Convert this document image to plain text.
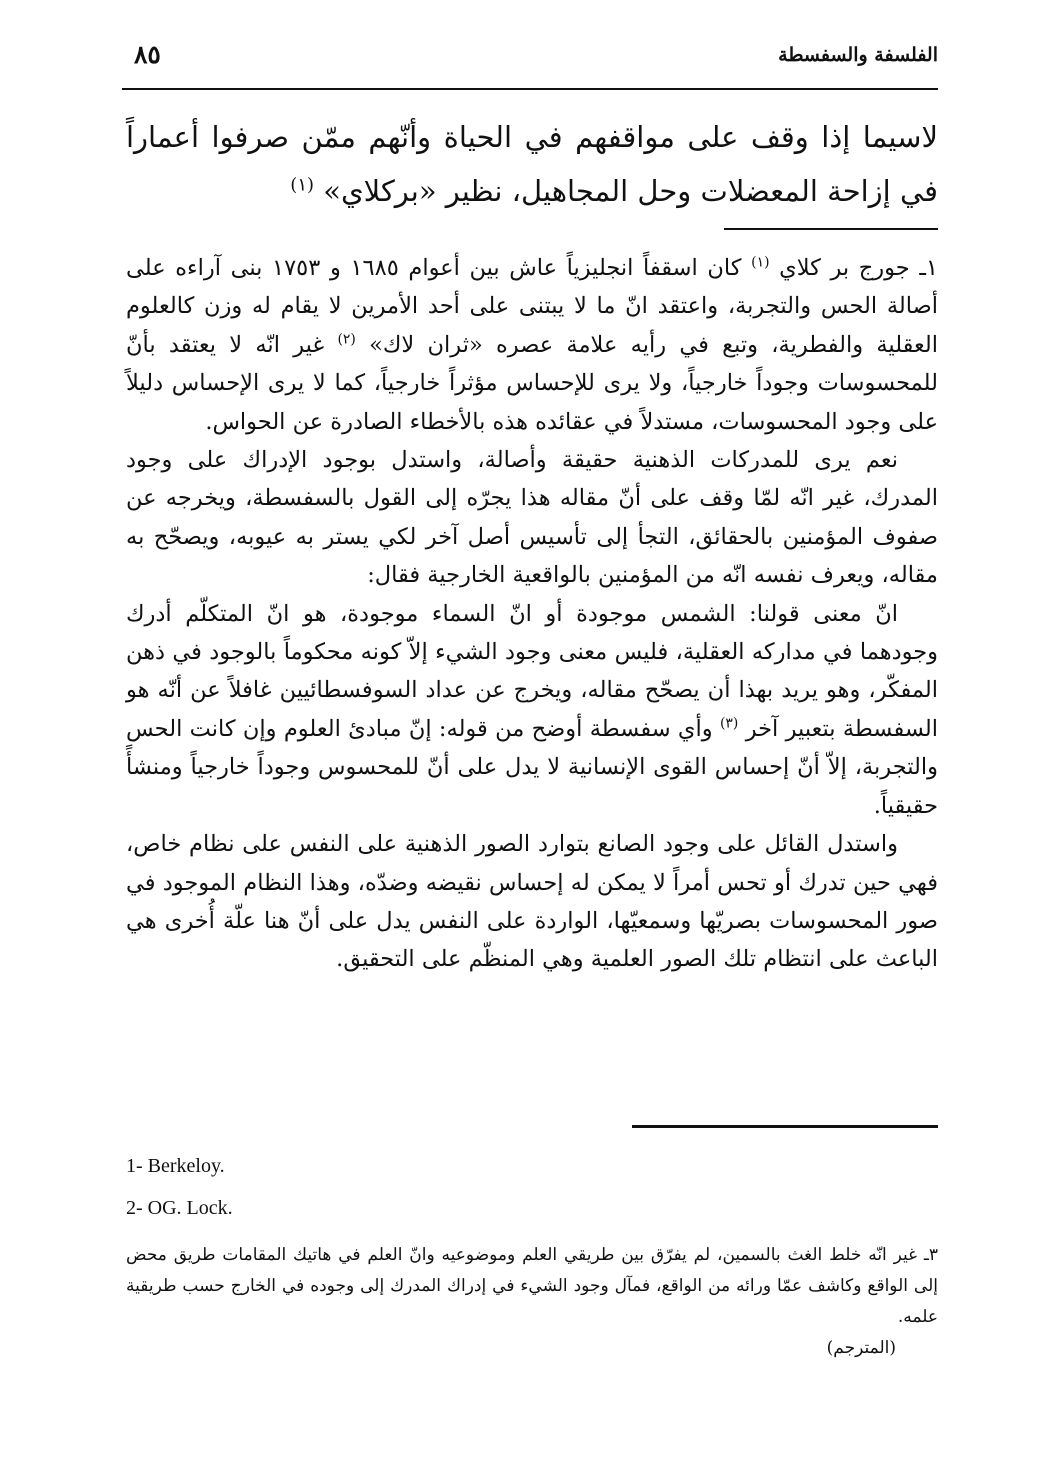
الفلسفة والسفسطة
٨٥

لاسيما إذا وقف على مواقفهم في الحياة وأنّهم ممّن صرفوا أعماراً في إزاحة المعضلات وحل المجاهيل، نظير «بركلاي» $^{(١)}$

١ـ جورج بر كلاي $^{(١)}$ كان اسقفاً انجليزياً عاش بين أعوام ١٦٨٥ و ١٧٥٣ بنى آراءه على أصالة الحس والتجربة، واعتقد انّ ما لا يبتنى على أحد الأمرين لا يقام له وزن كالعلوم العقلية والفطرية، وتبع في رأيه علامة عصره «ثران لاك» $^{(٢)}$ غير انّه لا يعتقد بأنّ للمحسوسات وجوداً خارجياً، ولا يرى للإحساس مؤثراً خارجياً، كما لا يرى الإحساس دليلاً على وجود المحسوسات، مستدلاً في عقائده هذه بالأخطاء الصادرة عن الحواس.

نعم يرى للمدركات الذهنية حقيقة وأصالة، واستدل بوجود الإدراك على وجود المدرك، غير انّه لمّا وقف على أنّ مقاله هذا يجرّه إلى القول بالسفسطة، ويخرجه عن صفوف المؤمنين بالحقائق، التجأ إلى تأسيس أصل آخر لكي يستر به عيوبه، ويصحّح به مقاله، ويعرف نفسه انّه من المؤمنين بالواقعية الخارجية فقال:

انّ معنى قولنا: الشمس موجودة أو انّ السماء موجودة، هو انّ المتكلّم أدرك وجودهما في مداركه العقلية، فليس معنى وجود الشيء إلاّ كونه محكوماً بالوجود في ذهن المفكّر، وهو يريد بهذا أن يصحّح مقاله، ويخرج عن عداد السوفسطائيين غافلاً عن أنّه هو السفسطة بتعبير آخر $^{(٣)}$ وأي سفسطة أوضح من قوله: إنّ مبادئ العلوم وإن كانت الحس والتجربة، إلاّ أنّ إحساس القوى الإنسانية لا يدل على أنّ للمحسوس وجوداً خارجياً ومنشأً حقيقياً.

واستدل القائل على وجود الصانع بتوارد الصور الذهنية على النفس على نظام خاص، فهي حين تدرك أو تحس أمراً لا يمكن له إحساس نقيضه وضدّه، وهذا النظام الموجود في صور المحسوسات بصريّها وسمعيّها، الواردة على النفس يدل على أنّ هنا علّة أُخرى هي الباعث على انتظام تلك الصور العلمية وهي المنظّم على التحقيق.

1- Berkeloy.
2- OG. Lock.

٣ـ غير انّه خلط الغث بالسمين، لم يفرّق بين طريقي العلم وموضوعيه وانّ العلم في هاتيك المقامات طريق محض إلى الواقع وكاشف عمّا ورائه من الواقع، فمآل وجود الشيء في إدراك المدرك إلى وجوده في الخارج حسب طريقية علمه.

(المترجم)
